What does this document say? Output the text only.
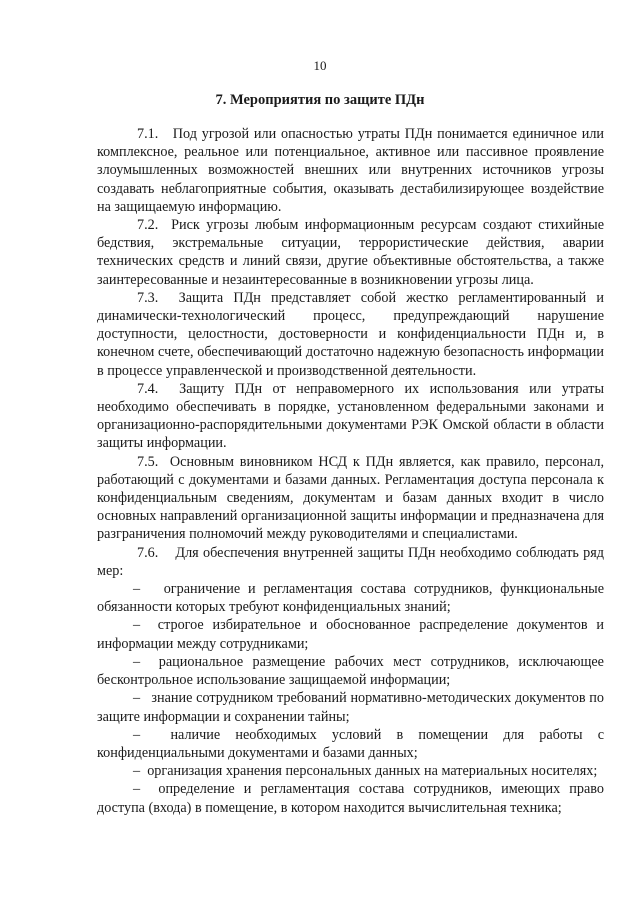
10
7. Мероприятия по защите ПДн

7.1.   Под угрозой или опасностью утраты ПДн понимается единичное или комплексное, реальное или потенциальное, активное или пассивное проявление злоумышленных возможностей внешних или внутренних источников угрозы создавать неблагоприятные события, оказывать дестабилизирующее воздействие на защищаемую информацию.

7.2.  Риск угрозы любым информационным ресурсам создают стихийные бедствия, экстремальные ситуации, террористические действия, аварии технических средств и линий связи, другие объективные обстоятельства, а также заинтересованные и незаинтересованные в возникновении угрозы лица.

7.3.  Защита ПДн представляет собой жестко регламентированный и динамически-технологический процесс, предупреждающий нарушение доступности, целостности, достоверности и конфиденциальности ПДн и, в конечном счете, обеспечивающий достаточно надежную безопасность информации в процессе управленческой и производственной деятельности.

7.4.  Защиту ПДн от неправомерного их использования или утраты необходимо обеспечивать в порядке, установленном федеральными законами и организационно-распорядительными документами РЭК Омской области в области защиты информации.

7.5.  Основным виновником НСД к ПДн является, как правило, персонал, работающий с документами и базами данных. Регламентация доступа персонала к конфиденциальным сведениям, документам и базам данных входит в число основных направлений организационной защиты информации и предназначена для разграничения полномочий между руководителями и специалистами.

7.6.    Для обеспечения внутренней защиты ПДн необходимо соблюдать ряд мер:

–   ограничение и регламентация состава сотрудников, функциональные обязанности которых требуют конфиденциальных знаний;

–  строгое избирательное и обоснованное распределение документов и информации между сотрудниками;

–  рациональное размещение рабочих мест сотрудников, исключающее бесконтрольное использование защищаемой информации;

–   знание сотрудником требований нормативно-методических документов по защите информации и сохранении тайны;

–  наличие необходимых условий в помещении для работы с конфиденциальными документами и базами данных;

–  организация хранения персональных данных на материальных носителях;

–  определение и регламентация состава сотрудников, имеющих право доступа (входа) в помещение, в котором находится вычислительная техника;
